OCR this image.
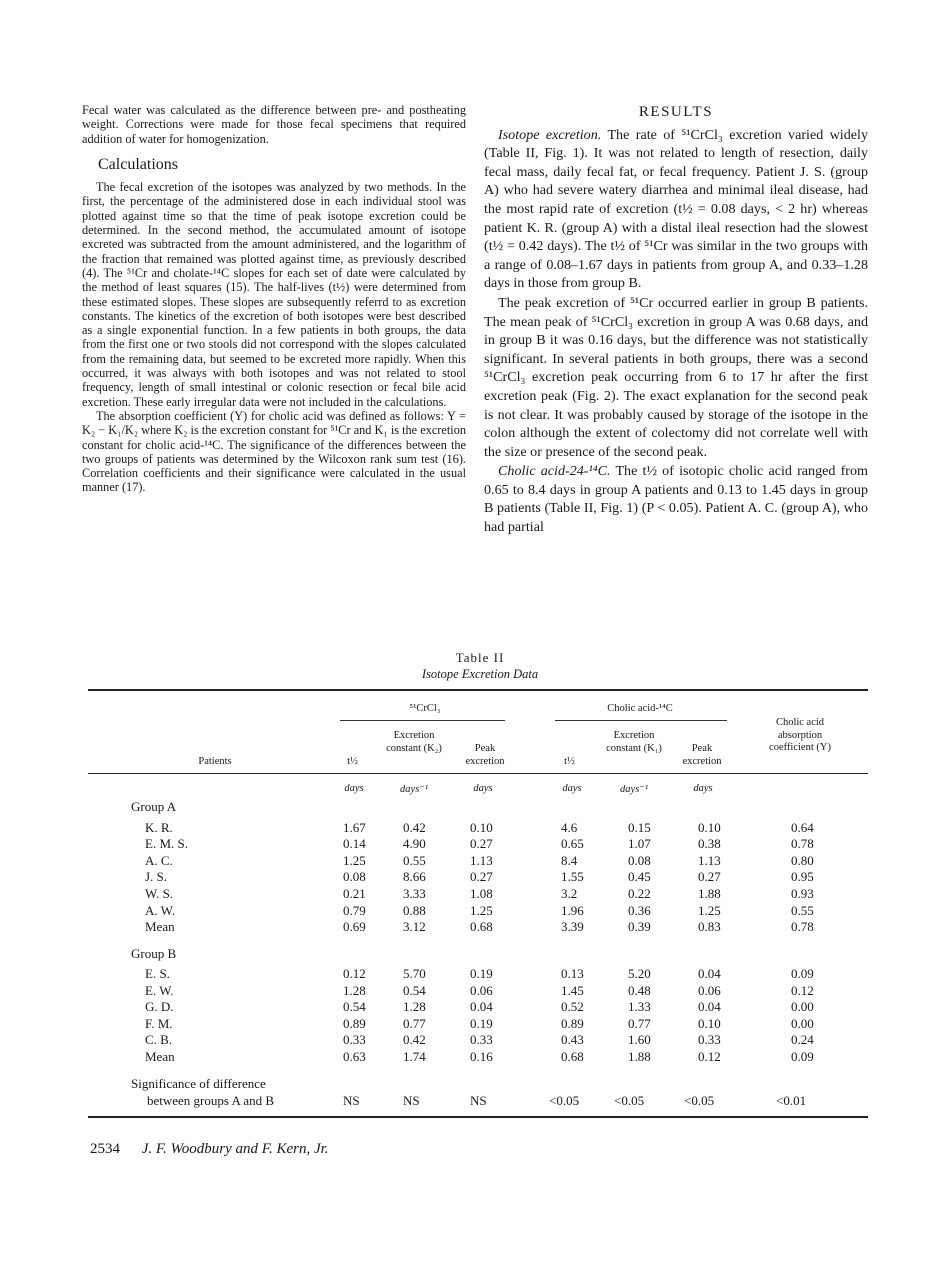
Fecal water was calculated as the difference between pre- and postheating weight. Corrections were made for those fecal specimens that required addition of water for homogenization.

Calculations

The fecal excretion of the isotopes was analyzed by two methods. In the first, the percentage of the administered dose in each individual stool was plotted against time so that the time of peak isotope excretion could be determined. In the second method, the accumulated amount of isotope excreted was subtracted from the amount administered, and the logarithm of the fraction that remained was plotted against time, as previously described (4). The ⁵¹Cr and cholate-¹⁴C slopes for each set of date were calculated by the method of least squares (15). The half-lives (t½) were determined from these estimated slopes. These slopes are subsequently referrd to as excretion constants. The kinetics of the excretion of both isotopes were best described as a single exponential function. In a few patients in both groups, the data from the first one or two stools did not correspond with the slopes calculated from the remaining data, but seemed to be excreted more rapidly. When this occurred, it was always with both isotopes and was not related to stool frequency, length of small intestinal or colonic resection or fecal bile acid excretion. These early irregular data were not included in the calculations.

The absorption coefficient (Y) for cholic acid was defined as follows: Y = K₂ − K₁/K₂ where K₂ is the excretion constant for ⁵¹Cr and K₁ is the excretion constant for cholic acid-¹⁴C. The significance of the differences between the two groups of patients was determined by the Wilcoxon rank sum test (16). Correlation coefficients and their significance were calculated in the usual manner (17).

RESULTS

Isotope excretion. The rate of ⁵¹CrCl₃ excretion varied widely (Table II, Fig. 1). It was not related to length of resection, daily fecal mass, daily fecal fat, or fecal frequency. Patient J. S. (group A) who had severe watery diarrhea and minimal ileal disease, had the most rapid rate of excretion (t½ = 0.08 days, < 2 hr) whereas patient K. R. (group A) with a distal ileal resection had the slowest (t½ = 0.42 days). The t½ of ⁵¹Cr was similar in the two groups with a range of 0.08–1.67 days in patients from group A, and 0.33–1.28 days in those from group B.

The peak excretion of ⁵¹Cr occurred earlier in group B patients. The mean peak of ⁵¹CrCl₃ excretion in group A was 0.68 days, and in group B it was 0.16 days, but the difference was not statistically significant. In several patients in both groups, there was a second ⁵¹CrCl₃ excretion peak occurring from 6 to 17 hr after the first excretion peak (Fig. 2). The exact explanation for the second peak is not clear. It was probably caused by storage of the isotope in the colon although the extent of colectomy did not correlate well with the size or presence of the second peak.

Cholic acid-24-¹⁴C. The t½ of isotopic cholic acid ranged from 0.65 to 8.4 days in group A patients and 0.13 to 1.45 days in group B patients (Table II, Fig. 1) (P < 0.05). Patient A. C. (group A), who had partial

Table II
Isotope Excretion Data
⁵¹CrCl₃	Cholic acid-¹⁴C
Patients	t½
Excretion constant (K₂)	Peak excretion	t½
Excretion constant (K₁)	Peak excretion
Cholic acid absorption coefficient (Y)
days	days⁻¹	days	days	days⁻¹	days
Group A
K. R.	1.67	0.42	0.10	4.6	0.15	0.10	0.64
E. M. S.	0.14	4.90	0.27	0.65	1.07	0.38	0.78
A. C.	1.25	0.55	1.13	8.4	0.08	1.13	0.80
J. S.	0.08	8.66	0.27	1.55	0.45	0.27	0.95
W. S.	0.21	3.33	1.08	3.2	0.22	1.88	0.93
A. W.	0.79	0.88	1.25	1.96	0.36	1.25	0.55
Mean	0.69	3.12	0.68	3.39	0.39	0.83	0.78
Group B
E. S.	0.12	5.70	0.19	0.13	5.20	0.04	0.09
E. W.	1.28	0.54	0.06	1.45	0.48	0.06	0.12
G. D.	0.54	1.28	0.04	0.52	1.33	0.04	0.00
F. M.	0.89	0.77	0.19	0.89	0.77	0.10	0.00
C. B.	0.33	0.42	0.33	0.43	1.60	0.33	0.24
Mean	0.63	1.74	0.16	0.68	1.88	0.12	0.09
Significance of difference
between groups A and B	NS	NS	NS	<0.05	<0.05	<0.05	<0.01
2534 J. F. Woodbury and F. Kern, Jr.
